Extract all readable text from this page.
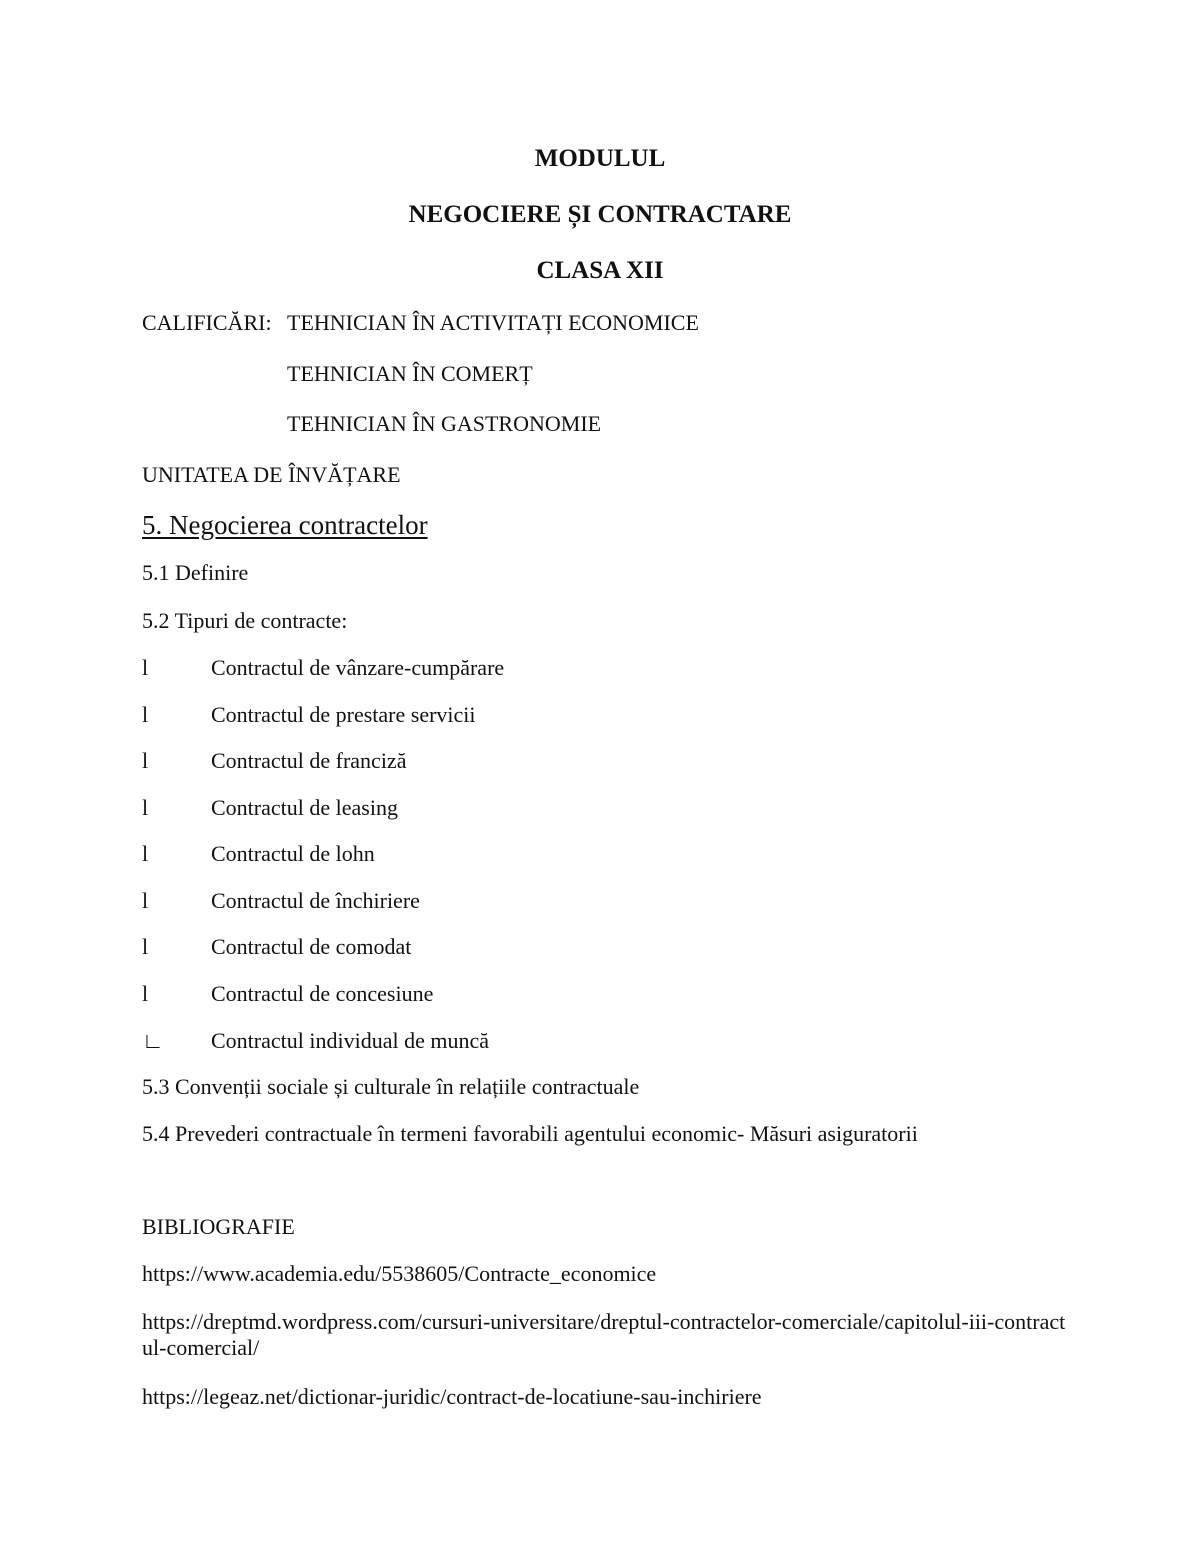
MODULUL
NEGOCIERE ȘI CONTRACTARE
CLASA XII
CALIFICĂRI: TEHNICIAN ÎN ACTIVITAȚI ECONOMICE
TEHNICIAN ÎN COMERȚ
TEHNICIAN ÎN GASTRONOMIE
UNITATEA DE ÎNVĂȚARE
5. Negocierea contractelor
5.1 Definire
5.2 Tipuri de contracte:
l	Contractul de vânzare-cumpărare
l	Contractul de prestare servicii
l	Contractul de franciză
l	Contractul de leasing
l	Contractul de lohn
l	Contractul de închiriere
l	Contractul de comodat
l	Contractul de concesiune
∟ Contractul individual de muncă
5.3 Convenții sociale și culturale în relațiile contractuale
5.4 Prevederi contractuale în termeni favorabili agentului economic- Măsuri asiguratorii
BIBLIOGRAFIE
https://www.academia.edu/5538605/Contracte_economice
https://dreptmd.wordpress.com/cursuri-universitare/dreptul-contractelor-comerciale/capitolul-iii-contractul-comercial/
https://legeaz.net/dictionar-juridic/contract-de-locatiune-sau-inchiriere
